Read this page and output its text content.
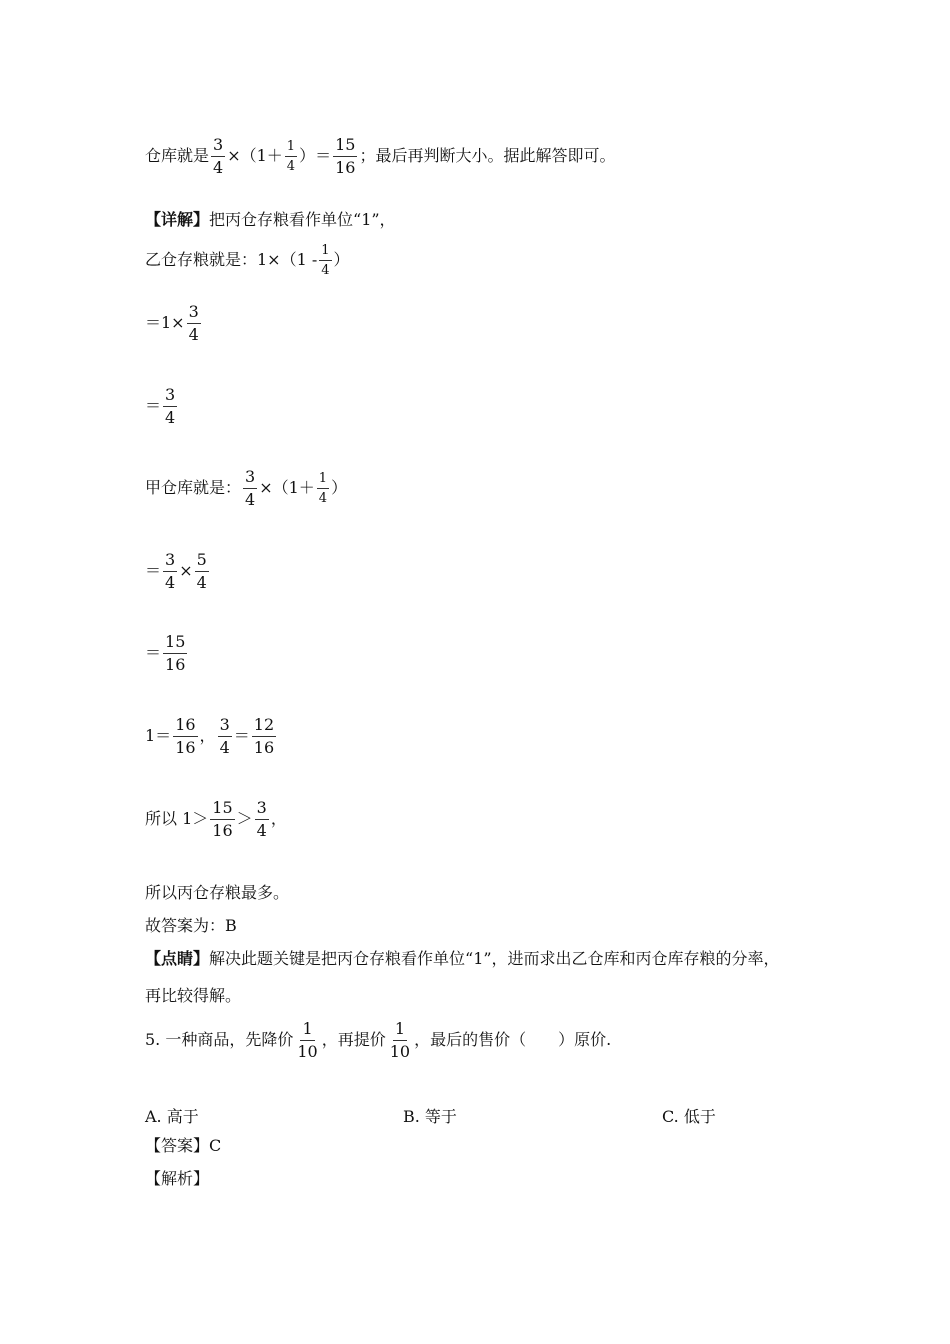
仓库就是 $\frac{3}{4} \times(1+ \frac{1}{4}$ ）＝ $\frac{15}{16}$ ；最后再判断大小。据此解答即可。
【详解】把丙仓存粮看作单位“1”，
乙仓存粮就是：$1\times(1 - \frac{1}{4}$ ）
$=1\times \frac{3}{4}$
＝ $\frac{3}{4}$
甲仓库就是： $\frac{3}{4} \times(1+ \frac{1}{4}$ ）
＝ $\frac{3}{4} \times \frac{5}{4}$
＝ $\frac{15}{16}$
$1= \frac{16}{16}$ ， $\frac{3}{4} = \frac{12}{16}$
所以 $1> \frac{15}{16} > \frac{3}{4}$ ，
所以丙仓存粮最多。
故答案为：B
【点睛】解决此题关键是把丙仓存粮看作单位“1”，进而求出乙仓库和丙仓库存粮的分率，
再比较得解。
5. 一种商品，先降价 $\frac{1}{10}$ ，再提价 $\frac{1}{10}$ ，最后的售价（　　）原价.
A. 高于	B. 等于	C. 低于
【答案】C
【解析】
